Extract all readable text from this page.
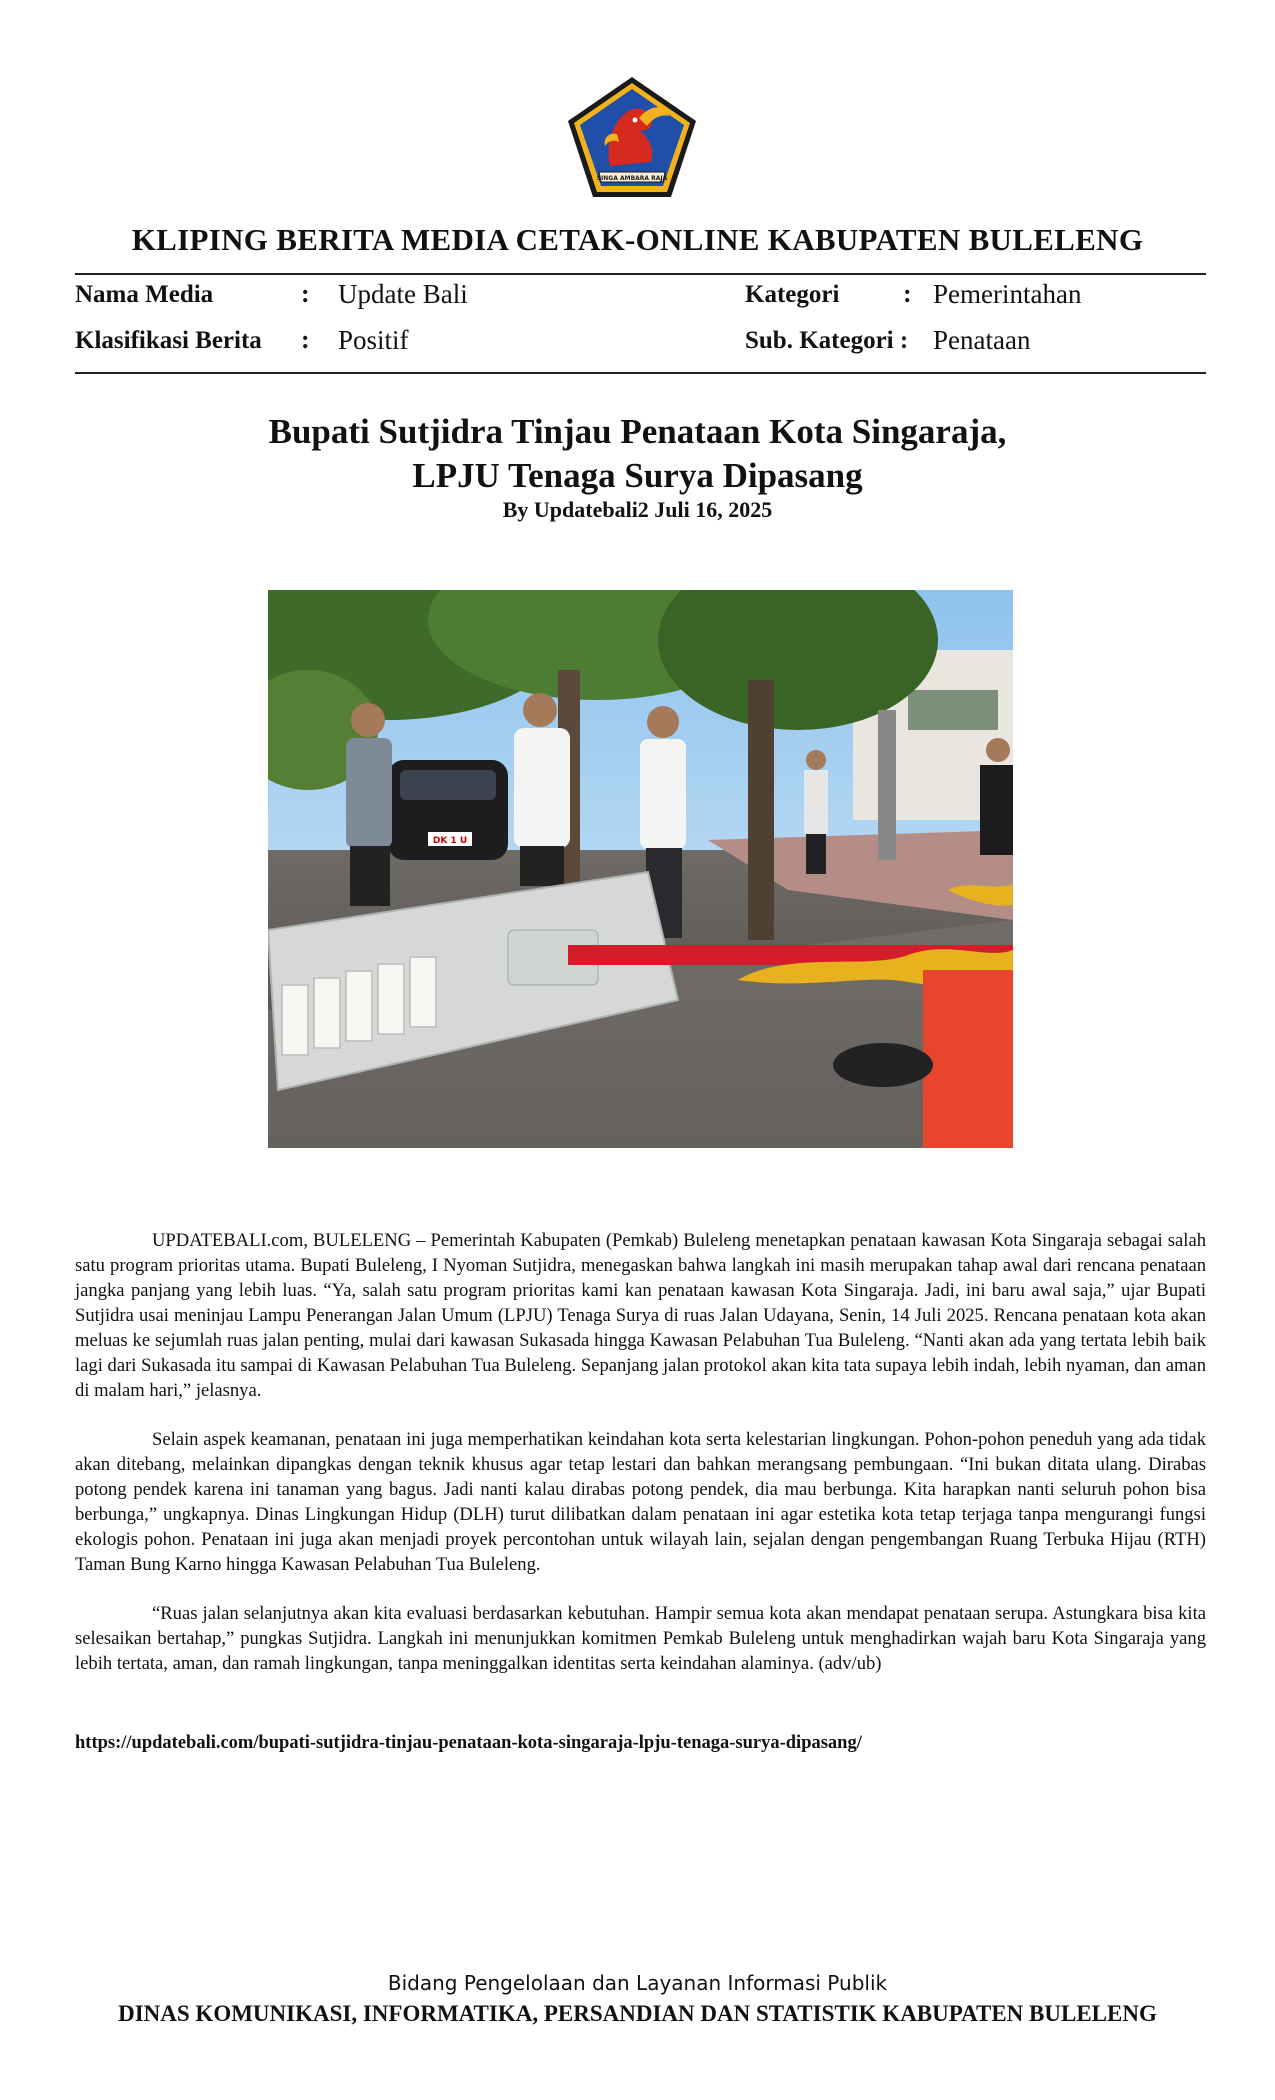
SINGA AMBARA RAJA
KLIPING BERITA MEDIA CETAK-ONLINE KABUPATEN BULELENG
Nama Media	: Update Bali	Kategori : Pemerintahan
Klasifikasi Berita : Positif	Sub. Kategori : Penataan
Bupati Sutjidra Tinjau Penataan Kota Singaraja,
LPJU Tenaga Surya Dipasang
By Updatebali2 Juli 16, 2025
DK 1 U

UPDATEBALI.com, BULELENG – Pemerintah Kabupaten (Pemkab) Buleleng menetapkan penataan kawasan Kota Singaraja sebagai salah satu program prioritas utama. Bupati Buleleng, I Nyoman Sutjidra, menegaskan bahwa langkah ini masih merupakan tahap awal dari rencana penataan jangka panjang yang lebih luas. “Ya, salah satu program prioritas kami kan penataan kawasan Kota Singaraja. Jadi, ini baru awal saja,” ujar Bupati Sutjidra usai meninjau Lampu Penerangan Jalan Umum (LPJU) Tenaga Surya di ruas Jalan Udayana, Senin, 14 Juli 2025. Rencana penataan kota akan meluas ke sejumlah ruas jalan penting, mulai dari kawasan Sukasada hingga Kawasan Pelabuhan Tua Buleleng. “Nanti akan ada yang tertata lebih baik lagi dari Sukasada itu sampai di Kawasan Pelabuhan Tua Buleleng. Sepanjang jalan protokol akan kita tata supaya lebih indah, lebih nyaman, dan aman di malam hari,” jelasnya.

Selain aspek keamanan, penataan ini juga memperhatikan keindahan kota serta kelestarian lingkungan. Pohon-pohon peneduh yang ada tidak akan ditebang, melainkan dipangkas dengan teknik khusus agar tetap lestari dan bahkan merangsang pembungaan. “Ini bukan ditata ulang. Dirabas potong pendek karena ini tanaman yang bagus. Jadi nanti kalau dirabas potong pendek, dia mau berbunga. Kita harapkan nanti seluruh pohon bisa berbunga,” ungkapnya. Dinas Lingkungan Hidup (DLH) turut dilibatkan dalam penataan ini agar estetika kota tetap terjaga tanpa mengurangi fungsi ekologis pohon. Penataan ini juga akan menjadi proyek percontohan untuk wilayah lain, sejalan dengan pengembangan Ruang Terbuka Hijau (RTH) Taman Bung Karno hingga Kawasan Pelabuhan Tua Buleleng.

“Ruas jalan selanjutnya akan kita evaluasi berdasarkan kebutuhan. Hampir semua kota akan mendapat penataan serupa. Astungkara bisa kita selesaikan bertahap,” pungkas Sutjidra. Langkah ini menunjukkan komitmen Pemkab Buleleng untuk menghadirkan wajah baru Kota Singaraja yang lebih tertata, aman, dan ramah lingkungan, tanpa meninggalkan identitas serta keindahan alaminya. (adv/ub)

https://updatebali.com/bupati-sutjidra-tinjau-penataan-kota-singaraja-lpju-tenaga-surya-dipasang/
Bidang Pengelolaan dan Layanan Informasi Publik
DINAS KOMUNIKASI, INFORMATIKA, PERSANDIAN DAN STATISTIK KABUPATEN BULELENG
